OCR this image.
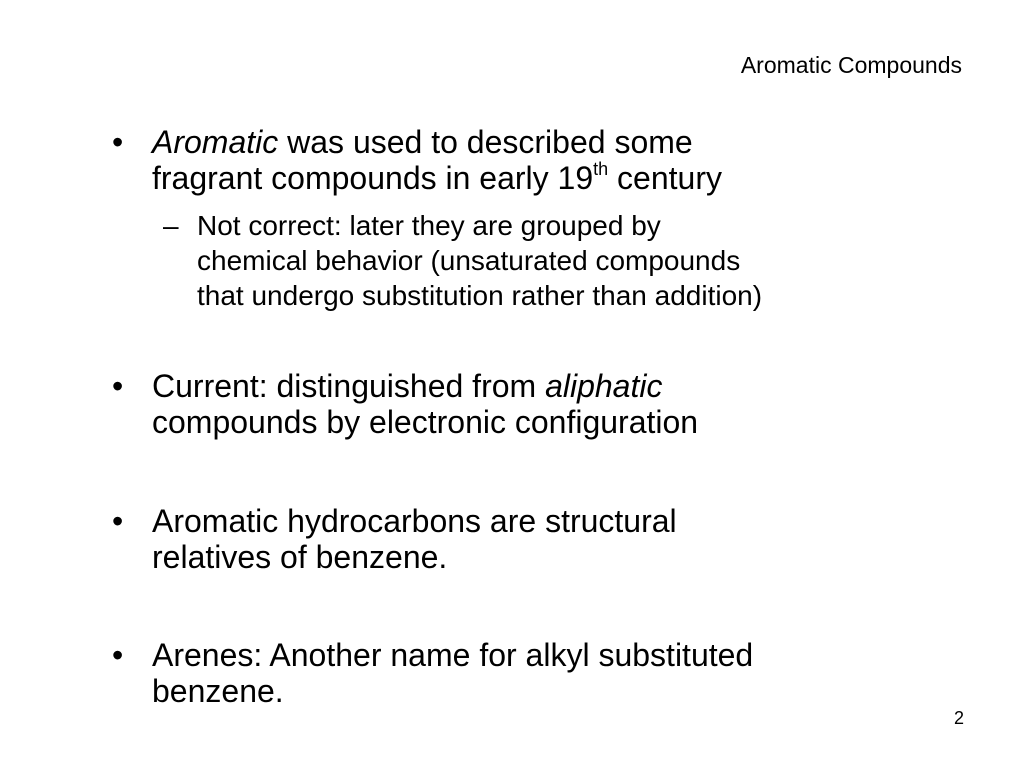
Aromatic Compounds
• Aromatic was used to described some
fragrant compounds in early 19th century
– Not correct: later they are grouped by
chemical behavior (unsaturated compounds
that undergo substitution rather than addition)
• Current: distinguished from aliphatic
compounds by electronic configuration
• Aromatic hydrocarbons are structural
relatives of benzene.
• Arenes: Another name for alkyl substituted
benzene.
2
